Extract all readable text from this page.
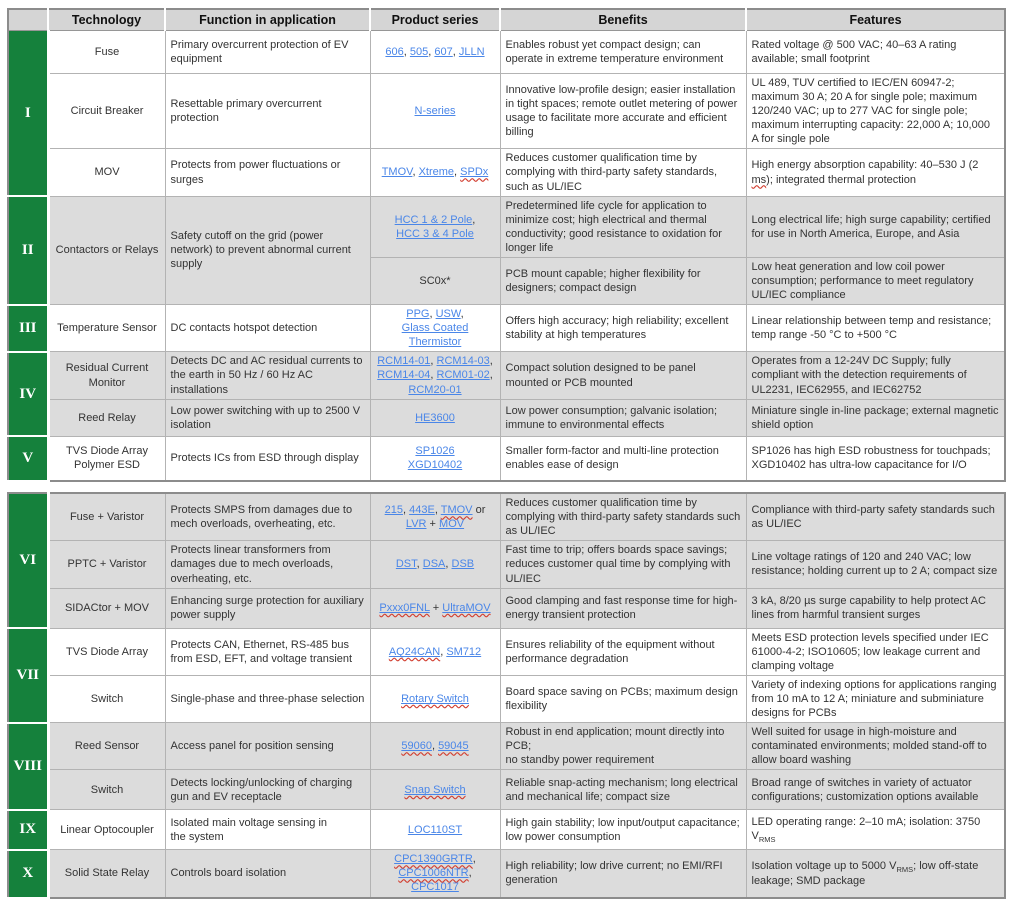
	Technology	Function in application	Product series	Benefits	Features
I	Fuse	Primary overcurrent protection of EV equipment	606, 505, 607, JLLN	Enables robust yet compact design; can operate in extreme temperature environment	Rated voltage @ 500 VAC; 40–63 A rating available; small footprint
	Circuit Breaker	Resettable primary overcurrent protection	N-series	Innovative low-profile design; easier installation in tight spaces; remote outlet metering of power usage to facilitate more accurate and efficient billing	UL 489, TUV certified to IEC/EN 60947-2; maximum 30 A; 20 A for single pole; maximum 120/240 VAC; up to 277 VAC for single pole; maximum interrupting capacity: 22,000 A; 10,000 A for single pole
	MOV	Protects from power fluctuations or surges	TMOV, Xtreme, SPDx	Reduces customer qualification time by complying with third-party safety standards, such as UL/IEC	High energy absorption capability: 40–530 J (2 ms); integrated thermal protection
II	Contactors or Relays	Safety cutoff on the grid (power network) to prevent abnormal current supply	HCC 1 & 2 Pole,
HCC 3 & 4 Pole	Predetermined life cycle for application to minimize cost; high electrical and thermal conductivity; good resistance to oxidation for longer life	Long electrical life; high surge capability; certified for use in North America, Europe, and Asia
			SC0x*	PCB mount capable; higher flexibility for designers; compact design	Low heat generation and low coil power consumption; performance to meet regulatory UL/IEC compliance
III	Temperature Sensor	DC contacts hotspot detection	PPG, USW,
Glass Coated Thermistor	Offers high accuracy; high reliability; excellent stability at high temperatures	Linear relationship between temp and resistance; temp range -50 °C to +500 °C
IV	Residual Current Monitor	Detects DC and AC residual currents to the earth in 50 Hz / 60 Hz AC installations	RCM14-01, RCM14-03,
RCM14-04, RCM01-02,
RCM20-01	Compact solution designed to be panel mounted or PCB mounted	Operates from a 12-24V DC Supply; fully compliant with the detection requirements of UL2231, IEC62955, and IEC62752
	Reed Relay	Low power switching with up to 2500 V isolation	HE3600	Low power consumption; galvanic isolation; immune to environmental effects	Miniature single in-line package; external magnetic shield option
V	TVS Diode Array Polymer ESD	Protects ICs from ESD through display	SP1026
XGD10402	Smaller form-factor and multi-line protection enables ease of design	SP1026 has high ESD robustness for touchpads; XGD10402 has ultra-low capacitance for I/O
VI	Fuse + Varistor	Protects SMPS from damages due to mech overloads, overheating, etc.	215, 443E, TMOV or
LVR + MOV	Reduces customer qualification time by complying with third-party safety standards such as UL/IEC	Compliance with third-party safety standards such as UL/IEC
	PPTC + Varistor	Protects linear transformers from damages due to mech overloads, overheating, etc.	DST, DSA, DSB	Fast time to trip; offers boards space savings; reduces customer qual time by complying with UL/IEC	Line voltage ratings of 120 and 240 VAC; low resistance; holding current up to 2 A; compact size
	SIDACtor + MOV	Enhancing surge protection for auxiliary power supply	Pxxx0FNL + UltraMOV	Good clamping and fast response time for high-energy transient protection	3 kA, 8/20 µs surge capability to help protect AC lines from harmful transient surges
VII	TVS Diode Array	Protects CAN, Ethernet, RS-485 bus from ESD, EFT, and voltage transient	AQ24CAN, SM712	Ensures reliability of the equipment without performance degradation	Meets ESD protection levels specified under IEC 61000-4-2; ISO10605; low leakage current and clamping voltage
	Switch	Single-phase and three-phase selection	Rotary Switch	Board space saving on PCBs; maximum design flexibility	Variety of indexing options for applications ranging from 10 mA to 12 A; miniature and subminiature designs for PCBs
VIII	Reed Sensor	Access panel for position sensing	59060, 59045	Robust in end application; mount directly into PCB;
no standby power requirement	Well suited for usage in high-moisture and contaminated environments; molded stand-off to allow board washing
	Switch	Detects locking/unlocking of charging gun and EV receptacle	Snap Switch	Reliable snap-acting mechanism; long electrical and mechanical life; compact size	Broad range of switches in variety of actuator configurations; customization options available
IX	Linear Optocoupler	Isolated main voltage sensing in
the system	LOC110ST	High gain stability; low input/output capacitance; low power consumption	LED operating range: 2–10 mA; isolation: 3750 $V_{RMS}$
X	Solid State Relay	Controls board isolation	CPC1390GRTR,
CPC1006NTR, CPC1017	High reliability; low drive current; no EMI/RFI generation	Isolation voltage up to 5000 $V_{RMS}$; low off-state leakage; SMD package
